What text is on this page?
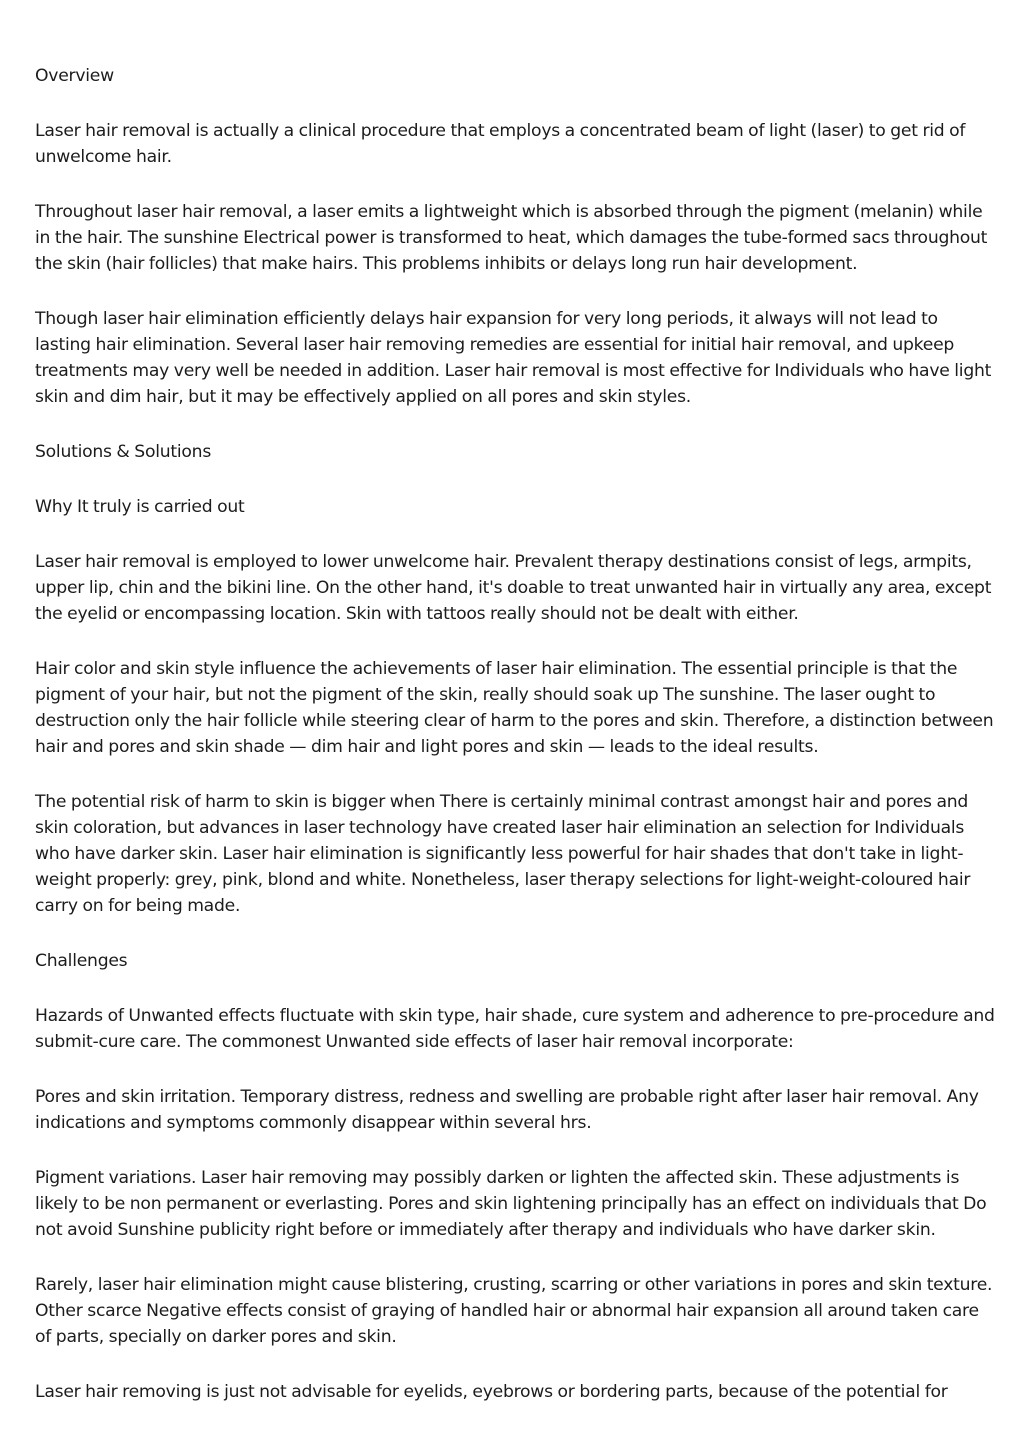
Overview

Laser hair removal is actually a clinical procedure that employs a concentrated beam of light (laser) to get rid of unwelcome hair.

Throughout laser hair removal, a laser emits a lightweight which is absorbed through the pigment (melanin) while in the hair. The sunshine Electrical power is transformed to heat, which damages the tube-formed sacs throughout the skin (hair follicles) that make hairs. This problems inhibits or delays long run hair development.

Though laser hair elimination efficiently delays hair expansion for very long periods, it always will not lead to lasting hair elimination. Several laser hair removing remedies are essential for initial hair removal, and upkeep treatments may very well be needed in addition. Laser hair removal is most effective for Individuals who have light skin and dim hair, but it may be effectively applied on all pores and skin styles.

Solutions & Solutions

Why It truly is carried out

Laser hair removal is employed to lower unwelcome hair. Prevalent therapy destinations consist of legs, armpits, upper lip, chin and the bikini line. On the other hand, it's doable to treat unwanted hair in virtually any area, except the eyelid or encompassing location. Skin with tattoos really should not be dealt with either.

Hair color and skin style influence the achievements of laser hair elimination. The essential principle is that the pigment of your hair, but not the pigment of the skin, really should soak up The sunshine. The laser ought to destruction only the hair follicle while steering clear of harm to the pores and skin. Therefore, a distinction between hair and pores and skin shade — dim hair and light pores and skin — leads to the ideal results.

The potential risk of harm to skin is bigger when There is certainly minimal contrast amongst hair and pores and skin coloration, but advances in laser technology have created laser hair elimination an selection for Individuals who have darker skin. Laser hair elimination is significantly less powerful for hair shades that don't take in light-weight properly: grey, pink, blond and white. Nonetheless, laser therapy selections for light-weight-coloured hair carry on for being made.

Challenges

Hazards of Unwanted effects fluctuate with skin type, hair shade, cure system and adherence to pre-procedure and submit-cure care. The commonest Unwanted side effects of laser hair removal incorporate:

Pores and skin irritation. Temporary distress, redness and swelling are probable right after laser hair removal. Any indications and symptoms commonly disappear within several hrs.

Pigment variations. Laser hair removing may possibly darken or lighten the affected skin. These adjustments is likely to be non permanent or everlasting. Pores and skin lightening principally has an effect on individuals that Do not avoid Sunshine publicity right before or immediately after therapy and individuals who have darker skin.

Rarely, laser hair elimination might cause blistering, crusting, scarring or other variations in pores and skin texture. Other scarce Negative effects consist of graying of handled hair or abnormal hair expansion all around taken care of parts, specially on darker pores and skin.

Laser hair removing is just not advisable for eyelids, eyebrows or bordering parts, because of the potential for
